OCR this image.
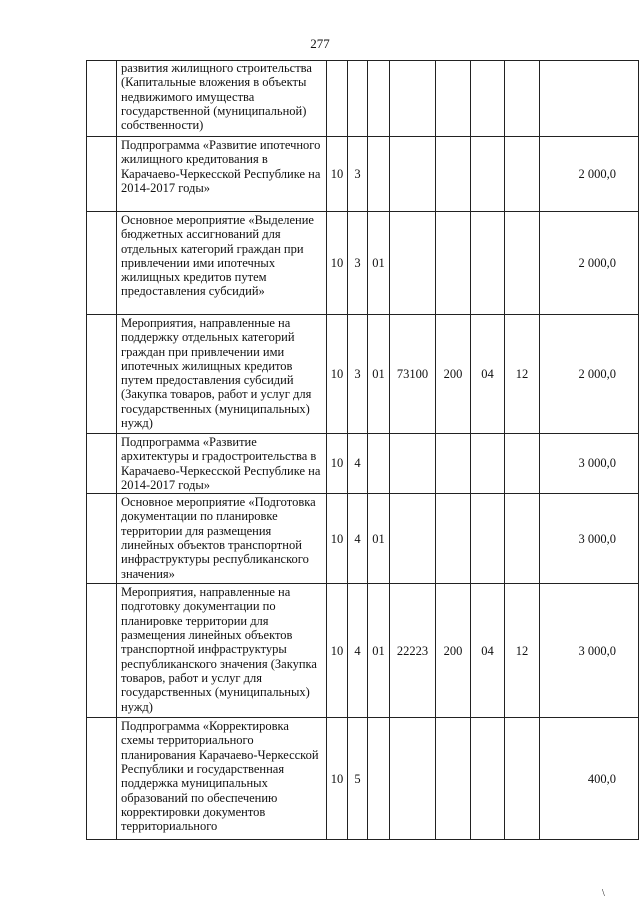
277
	развития жилищного строительства (Капитальные вложения в объекты недвижимого имущества государственной (муниципальной) собственности)								
	Подпрограмма «Развитие ипотечного жилищного кредитования в Карачаево-Черкесской Республике на 2014-2017 годы»	10	3						2 000,0
	Основное мероприятие «Выделение бюджетных ассигнований для отдельных категорий граждан при привлечении ими ипотечных жилищных кредитов путем предоставления субсидий»	10	3	01					2 000,0
	Мероприятия, направленные на поддержку отдельных категорий граждан при привлечении ими ипотечных жилищных кредитов путем предоставления субсидий (Закупка товаров, работ и услуг для государственных (муниципальных) нужд)	10	3	01	73100	200	04	12	2 000,0
	Подпрограмма «Развитие архитектуры и градостроительства в Карачаево-Черкесской Республике на 2014-2017 годы»	10	4						3 000,0
	Основное мероприятие «Подготовка документации по планировке территории для размещения линейных объектов транспортной инфраструктуры республиканского значения»	10	4	01					3 000,0
	Мероприятия, направленные на подготовку документации по планировке территории для размещения линейных объектов транспортной инфраструктуры республиканского значения (Закупка товаров, работ и услуг для государственных (муниципальных) нужд)	10	4	01	22223	200	04	12	3 000,0
	Подпрограмма «Корректировка схемы территориального планирования Карачаево-Черкесской Республики и государственная поддержка муниципальных образований по обеспечению корректировки документов территориального	10	5						400,0
\
